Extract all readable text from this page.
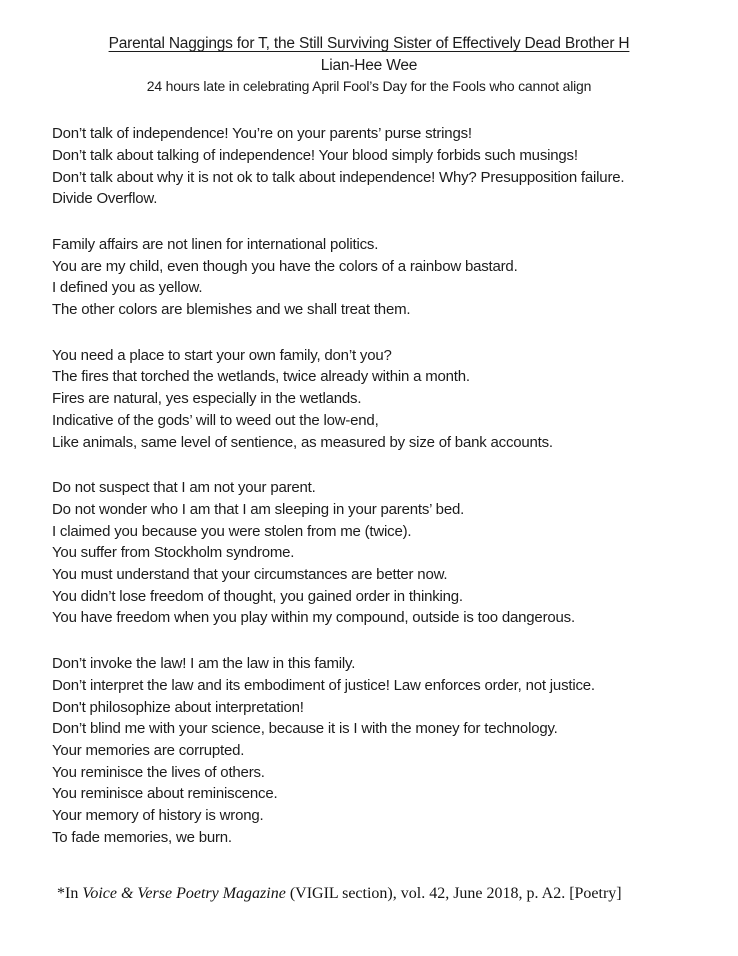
Parental Naggings for T, the Still Surviving Sister of Effectively Dead Brother H
Lian-Hee Wee
24 hours late in celebrating April Fool’s Day for the Fools who cannot align
Don’t talk of independence! You’re on your parents’ purse strings!
Don’t talk about talking of independence! Your blood simply forbids such musings!
Don’t talk about why it is not ok to talk about independence! Why? Presupposition failure.
Divide Overflow.
Family affairs are not linen for international politics.
You are my child, even though you have the colors of a rainbow bastard.
I defined you as yellow.
The other colors are blemishes and we shall treat them.
You need a place to start your own family, don’t you?
The fires that torched the wetlands, twice already within a month.
Fires are natural, yes especially in the wetlands.
Indicative of the gods’ will to weed out the low-end,
Like animals, same level of sentience, as measured by size of bank accounts.
Do not suspect that I am not your parent.
Do not wonder who I am that I am sleeping in your parents’ bed.
I claimed you because you were stolen from me (twice).
You suffer from Stockholm syndrome.
You must understand that your circumstances are better now.
You didn’t lose freedom of thought, you gained order in thinking.
You have freedom when you play within my compound, outside is too dangerous.
Don’t invoke the law! I am the law in this family.
Don’t interpret the law and its embodiment of justice! Law enforces order, not justice.
Don't philosophize about interpretation!
Don’t blind me with your science, because it is I with the money for technology.
Your memories are corrupted.
You reminisce the lives of others.
You reminisce about reminiscence.
Your memory of history is wrong.
To fade memories, we burn.
*In Voice & Verse Poetry Magazine (VIGIL section), vol. 42, June 2018, p. A2. [Poetry]
